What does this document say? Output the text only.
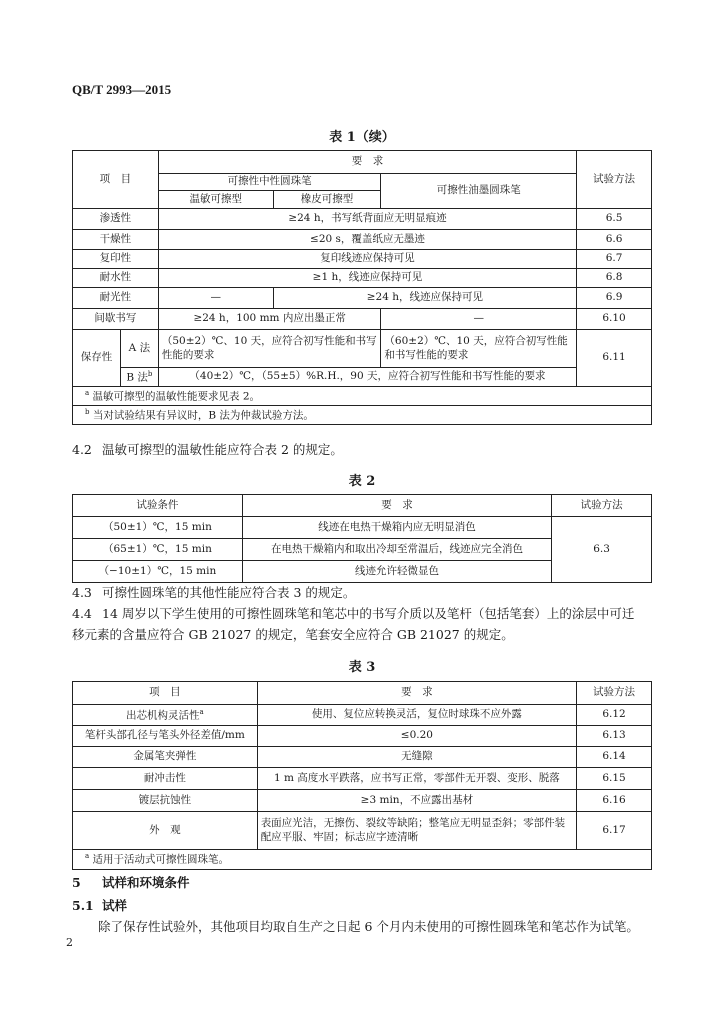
QB/T 2993—2015
表 1（续）
项　目		要　求			试验方法
		可擦性中性圆珠笔		可擦性油墨圆珠笔	
		温敏可擦型	橡皮可擦型		
渗透性		≥24 h，书写纸背面应无明显痕迹			6.5
干燥性		≤20 s，覆盖纸应无墨迹			6.6
复印性		复印线迹应保持可见			6.7
耐水性		≥1 h，线迹应保持可见			6.8
耐光性		—	≥24 h，线迹应保持可见		6.9
间歇书写		≥24 h，100 mm 内应出墨正常		—	6.10
保存性	A 法	（50±2）℃、10 天，应符合初写性能和书写性能的要求		（60±2）℃、10 天，应符合初写性能和书写性能的要求	6.11
	B 法$^b$	（40±2）℃，（55±5）%R.H.，90 天，应符合初写性能和书写性能的要求			
$^a$ 温敏可擦型的温敏性能要求见表 2。					
$^b$ 当对试验结果有异议时，B 法为仲裁试验方法。					
4.2 温敏可擦型的温敏性能应符合表 2 的规定。
表 2
试验条件	要　求	试验方法
（50±1）℃，15 min	线迹在电热干燥箱内应无明显消色	6.3
（65±1）℃，15 min	在电热干燥箱内和取出冷却至常温后，线迹应完全消色	
（−10±1）℃，15 min	线迹允许轻微显色	
4.3 可擦性圆珠笔的其他性能应符合表 3 的规定。
4.4 14 周岁以下学生使用的可擦性圆珠笔和笔芯中的书写介质以及笔杆（包括笔套）上的涂层中可迁
移元素的含量应符合 GB 21027 的规定，笔套安全应符合 GB 21027 的规定。
表 3
项　目	要　求	试验方法
出芯机构灵活性$^a$	使用、复位应转换灵活，复位时球珠不应外露	6.12
笔杆头部孔径与笔头外径差值/mm	≤0.20	6.13
金属笔夹弹性	无缝隙	6.14
耐冲击性	1 m 高度水平跌落，应书写正常，零部件无开裂、变形、脱落	6.15
镀层抗蚀性	≥3 min，不应露出基材	6.16
外　观	表面应光洁，无擦伤、裂纹等缺陷；整笔应无明显歪斜；零部件装配应平服、牢固；标志应字迹清晰	6.17
$^a$ 适用于活动式可擦性圆珠笔。		
5 试样和环境条件
5.1 试样
除了保存性试验外，其他项目均取自生产之日起 6 个月内未使用的可擦性圆珠笔和笔芯作为试笔。
2
